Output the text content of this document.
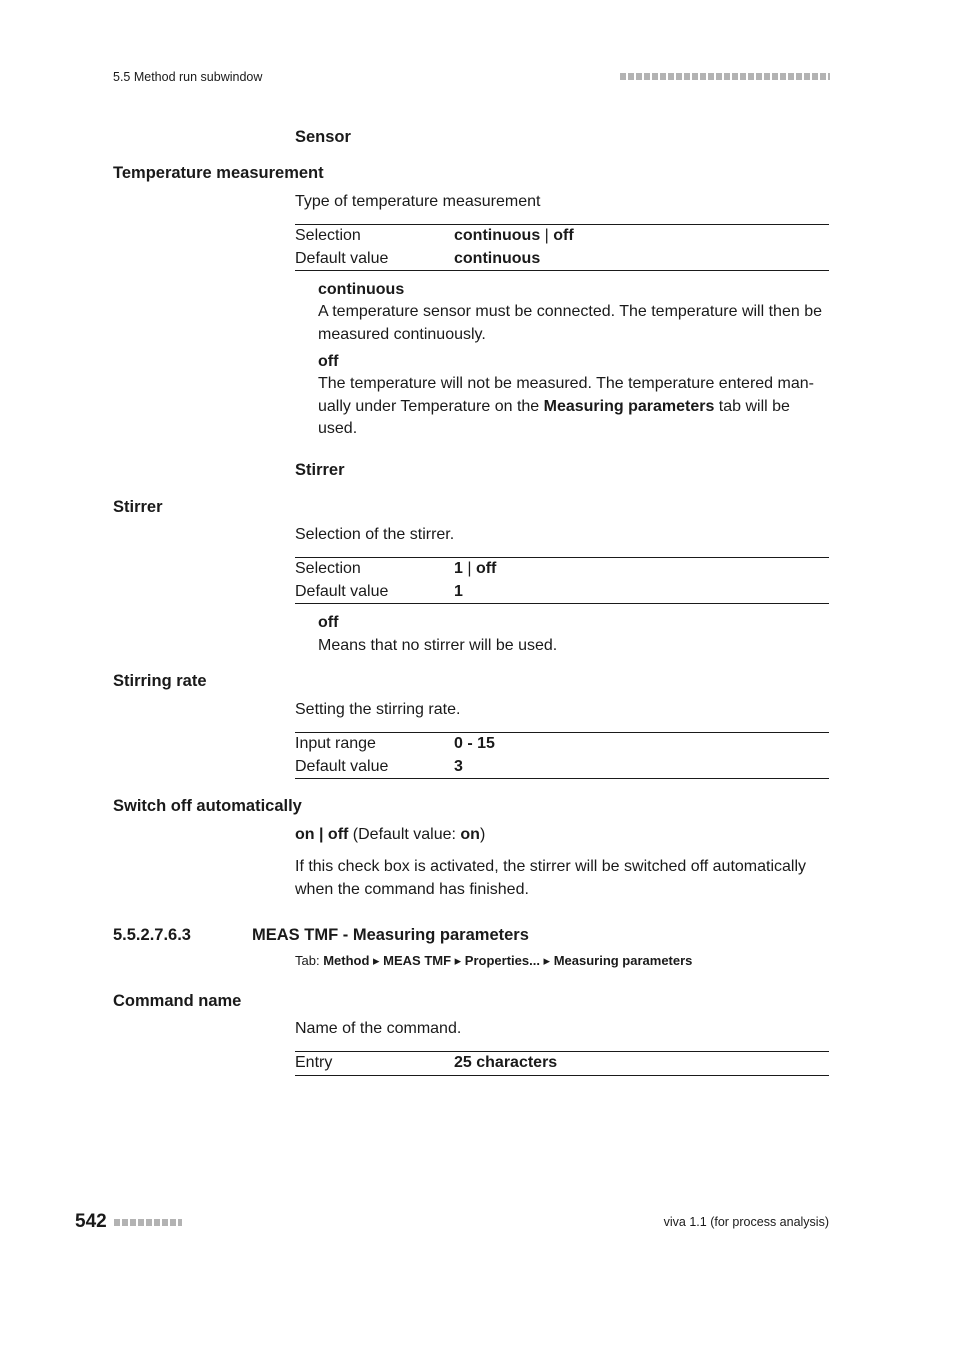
5.5 Method run subwindow
Sensor
Temperature measurement
Type of temperature measurement
Selection	continuous | off
Default value	continuous
continuous
A temperature sensor must be connected. The temperature will then be measured continuously.
off
The temperature will not be measured. The temperature entered manually under Temperature on the Measuring parameters tab will be used.
Stirrer
Stirrer
Selection of the stirrer.
Selection	1 | off
Default value	1
off
Means that no stirrer will be used.
Stirring rate
Setting the stirring rate.
Input range	0 - 15
Default value	3
Switch off automatically
on | off (Default value: on)
If this check box is activated, the stirrer will be switched off automatically when the command has finished.
5.5.2.7.6.3	MEAS TMF - Measuring parameters
Tab: Method ▸ MEAS TMF ▸ Properties... ▸ Measuring parameters
Command name
Name of the command.
Entry	25 characters
542	viva 1.1 (for process analysis)
